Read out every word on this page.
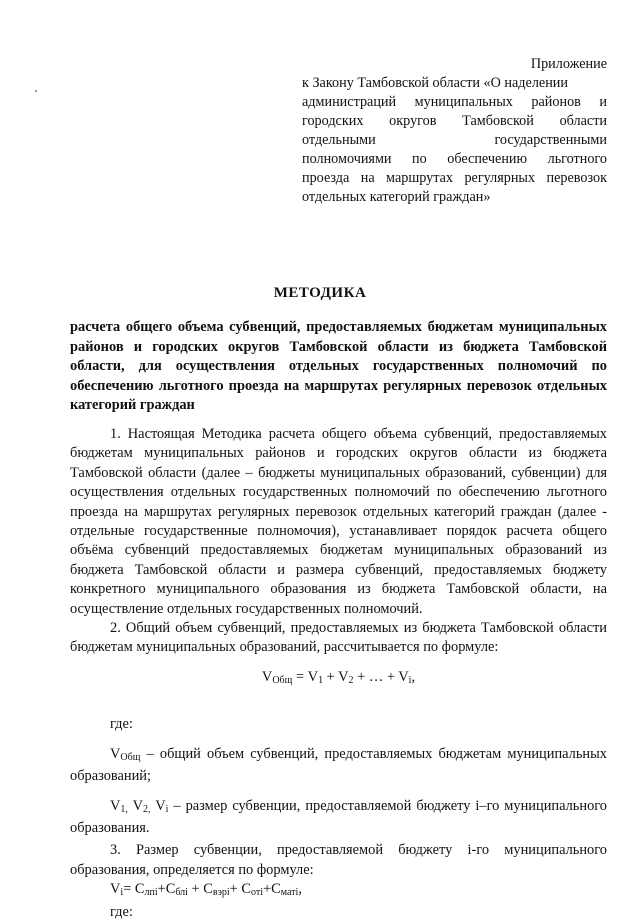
Приложение
к Закону Тамбовской области «О наделении
администраций муниципальных районов и
городских округов Тамбовской области
отдельными государственными
полномочиями по обеспечению льготного
проезда на маршрутах регулярных перевозок
отдельных категорий граждан»
МЕТОДИКА
расчета общего объема субвенций, предоставляемых бюджетам муниципальных районов и городских округов Тамбовской области из бюджета Тамбовской области, для осуществления отдельных государственных полномочий по обеспечению льготного проезда на маршрутах регулярных перевозок отдельных категорий граждан

1. Настоящая Методика расчета общего объема субвенций, предоставляемых бюджетам муниципальных районов и городских округов области из бюджета Тамбовской области (далее – бюджеты муниципальных образований, субвенции) для осуществления отдельных государственных полномочий по обеспечению льготного проезда на маршрутах регулярных перевозок отдельных категорий граждан (далее - отдельные государственные полномочия), устанавливает порядок расчета общего объёма субвенций предоставляемых бюджетам муниципальных образований из бюджета Тамбовской области и размера субвенций, предоставляемых бюджету конкретного муниципального образования из бюджета Тамбовской области, на осуществление отдельных государственных полномочий.

2. Общий объем субвенций, предоставляемых из бюджета Тамбовской области бюджетам муниципальных образований, рассчитывается по формуле:

VОбщ = V1 + V2 + … + Vi,

где:

VОбщ – общий объем субвенций, предоставляемых бюджетам муниципальных образований;

V1, V2, Vi – размер субвенции, предоставляемой бюджету i–го муниципального образования.

3. Размер субвенции, предоставляемой бюджету i-го муниципального образования, определяется по формуле:

Vi= Слпi+Сблi + Свэрi+ Сотi+Сматi,

где:
